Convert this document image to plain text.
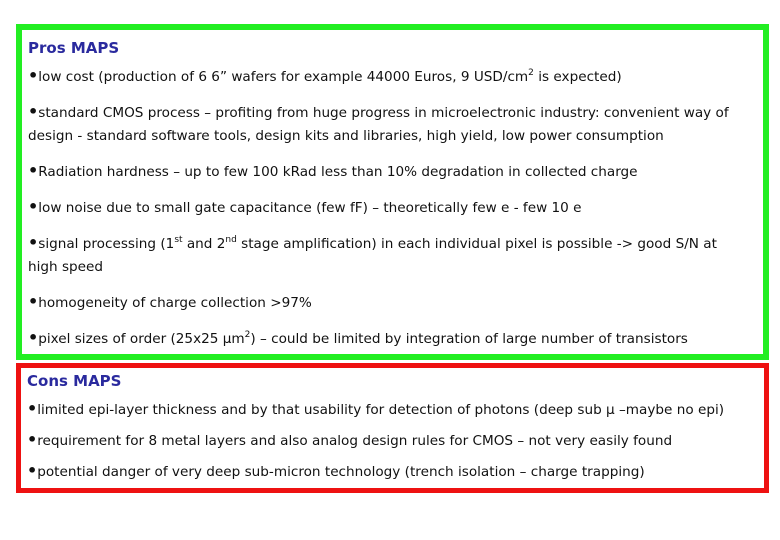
Pros MAPS

•low cost (production of 6 6” wafers for example 44000 Euros, 9 USD/$cm^2$ is expected)

•standard CMOS process – profiting from huge progress in microelectronic industry: convenient way of
design - standard software tools, design kits and libraries, high yield, low power consumption

•Radiation hardness – up to few 100 kRad less than 10% degradation in collected charge

•low noise due to small gate capacitance (few fF) – theoretically few e - few 10 e

•signal processing (1st and 2nd stage amplification) in each individual pixel is possible -> good S/N at
high speed

•homogeneity of charge collection >97%

•pixel sizes of order (25x25 µm$^2$) – could be limited by integration of large number of transistors

Cons MAPS

•limited epi-layer thickness and by that usability for detection of photons (deep sub µ –maybe no epi)

•requirement for 8 metal layers and also analog design rules for CMOS – not very easily found

•potential danger of very deep sub-micron technology (trench isolation – charge trapping)
